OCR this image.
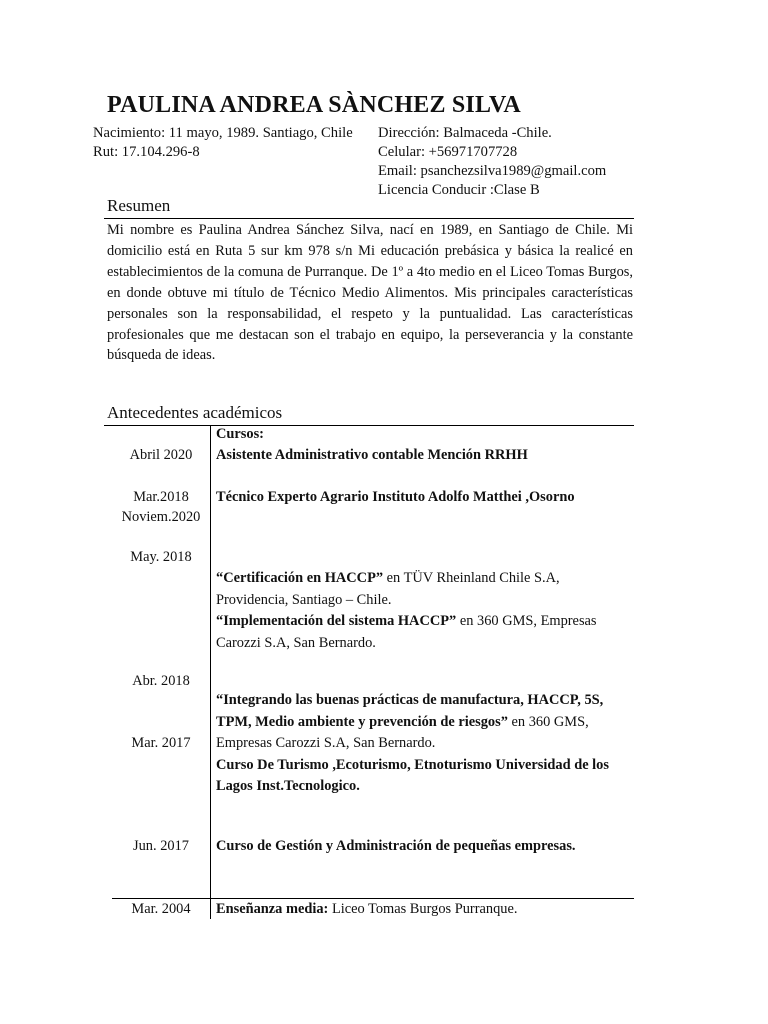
PAULINA ANDREA SÀNCHEZ SILVA
Nacimiento: 11 mayo, 1989. Santiago, Chile
Rut: 17.104.296-8
Dirección: Balmaceda -Chile.
Celular: +56971707728
Email: psanchezsilva1989@gmail.com
Licencia Conducir :Clase B
Resumen
Mi nombre es Paulina Andrea Sánchez Silva, nací en 1989, en Santiago de Chile. Mi domicilio está en Ruta 5 sur km 978 s/n Mi educación prebásica y básica la realicé en establecimientos de la comuna de Purranque. De 1º a 4to medio en el Liceo Tomas Burgos, en donde obtuve mi título de Técnico Medio Alimentos. Mis principales características personales son la responsabilidad, el respeto y la puntualidad. Las características profesionales que me destacan son el trabajo en equipo, la perseverancia y la constante búsqueda de ideas.
Antecedentes académicos
Abril 2020
Mar.2018
Noviem.2020
May. 2018
Abr. 2018
Mar. 2017
Jun. 2017
Mar. 2004
Cursos:
Asistente Administrativo contable Mención RRHH
Técnico Experto Agrario Instituto Adolfo Matthei ,Osorno
“Certificación en HACCP” en TÜV Rheinland Chile S.A,
Providencia, Santiago – Chile.
“Implementación del sistema HACCP” en 360 GMS, Empresas
Carozzi S.A, San Bernardo.
“Integrando las buenas prácticas de manufactura, HACCP, 5S,
TPM, Medio ambiente y prevención de riesgos” en 360 GMS,
Empresas Carozzi S.A, San Bernardo.
Curso De Turismo ,Ecoturismo, Etnoturismo Universidad de los
Lagos Inst.Tecnologico.
Curso de Gestión y Administración de pequeñas empresas.
Enseñanza media: Liceo Tomas Burgos Purranque.
